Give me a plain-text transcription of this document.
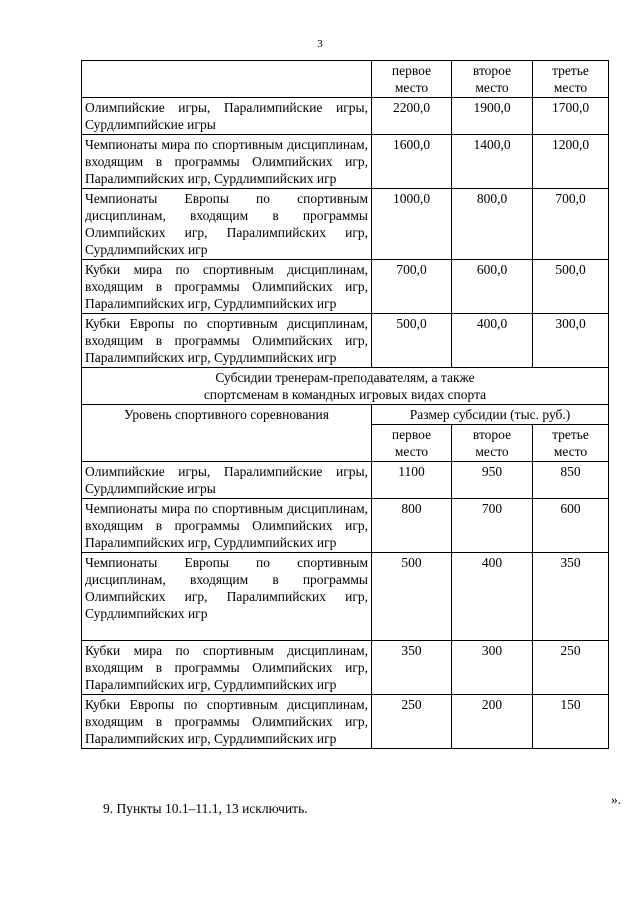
3
	первое место	второе место	третье место
Олимпийские игры, Паралимпийские игры, Сурдлимпийские игры	2200,0	1900,0	1700,0
Чемпионаты мира по спортивным дисциплинам, входящим в программы Олимпийских игр, Паралимпийских игр, Сурдлимпийских игр	1600,0	1400,0	1200,0
Чемпионаты Европы по спортивным дисциплинам, входящим в программы Олимпийских игр, Паралимпийских игр, Сурдлимпийских игр	1000,0	800,0	700,0
Кубки мира по спортивным дисциплинам, входящим в программы Олимпийских игр, Паралимпийских игр, Сурдлимпийских игр	700,0	600,0	500,0
Кубки Европы по спортивным дисциплинам, входящим в программы Олимпийских игр, Паралимпийских игр, Сурдлимпийских игр	500,0	400,0	300,0

Субсидии тренерам-преподавателям, а также
спортсменам в командных игровых видах спорта			

Уровень спортивного соревнования	Размер субсидии (тыс. руб.)		
	первое место	второе место	третье место
Олимпийские игры, Паралимпийские игры, Сурдлимпийские игры	1100	950	850
Чемпионаты мира по спортивным дисциплинам, входящим в программы Олимпийских игр, Паралимпийских игр, Сурдлимпийских игр	800	700	600
Чемпионаты Европы по спортивным дисциплинам, входящим в программы Олимпийских игр, Паралимпийских игр, Сурдлимпийских игр	500	400	350
Кубки мира по спортивным дисциплинам, входящим в программы Олимпийских игр, Паралимпийских игр, Сурдлимпийских игр	350	300	250
Кубки Европы по спортивным дисциплинам, входящим в программы Олимпийских игр, Паралимпийских игр, Сурдлимпийских игр	250	200	150
».
9. Пункты 10.1–11.1, 13 исключить.
